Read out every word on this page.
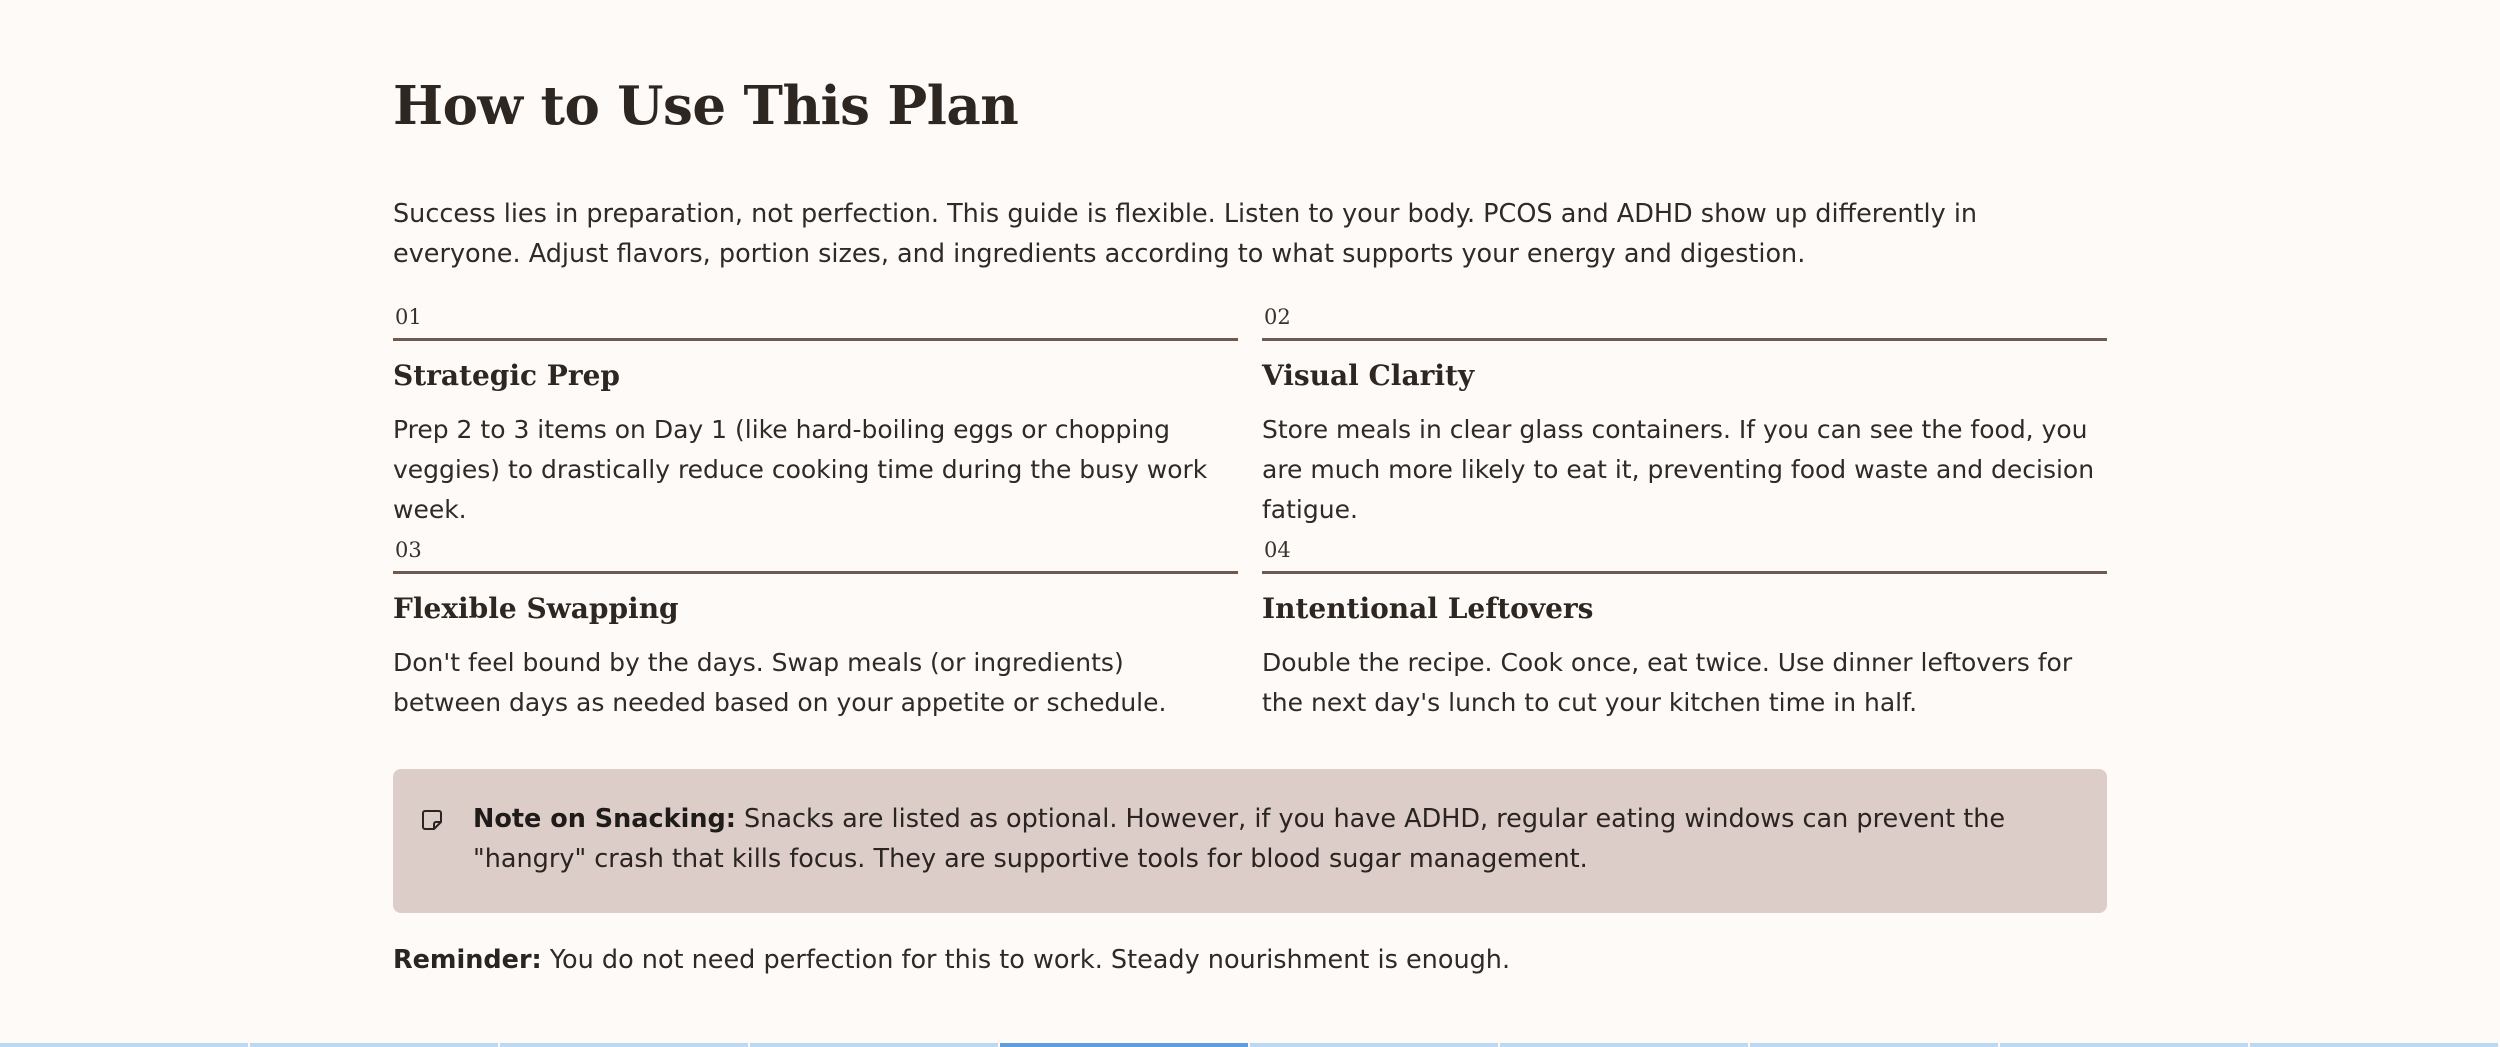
How to Use This Plan

Success lies in preparation, not perfection. This guide is flexible. Listen to your body. PCOS and ADHD show up differently in everyone. Adjust flavors, portion sizes, and ingredients according to what supports your energy and digestion.

01
Strategic Prep
Prep 2 to 3 items on Day 1 (like hard-boiling eggs or chopping veggies) to drastically reduce cooking time during the busy work week.
02
Visual Clarity
Store meals in clear glass containers. If you can see the food, you are much more likely to eat it, preventing food waste and decision fatigue.
03
Flexible Swapping
Don't feel bound by the days. Swap meals (or ingredients) between days as needed based on your appetite or schedule.
04
Intentional Leftovers
Double the recipe. Cook once, eat twice. Use dinner leftovers for the next day's lunch to cut your kitchen time in half.
Note on Snacking: Snacks are listed as optional. However, if you have ADHD, regular eating windows can prevent the "hangry" crash that kills focus. They are supportive tools for blood sugar management.
Reminder: You do not need perfection for this to work. Steady nourishment is enough.
